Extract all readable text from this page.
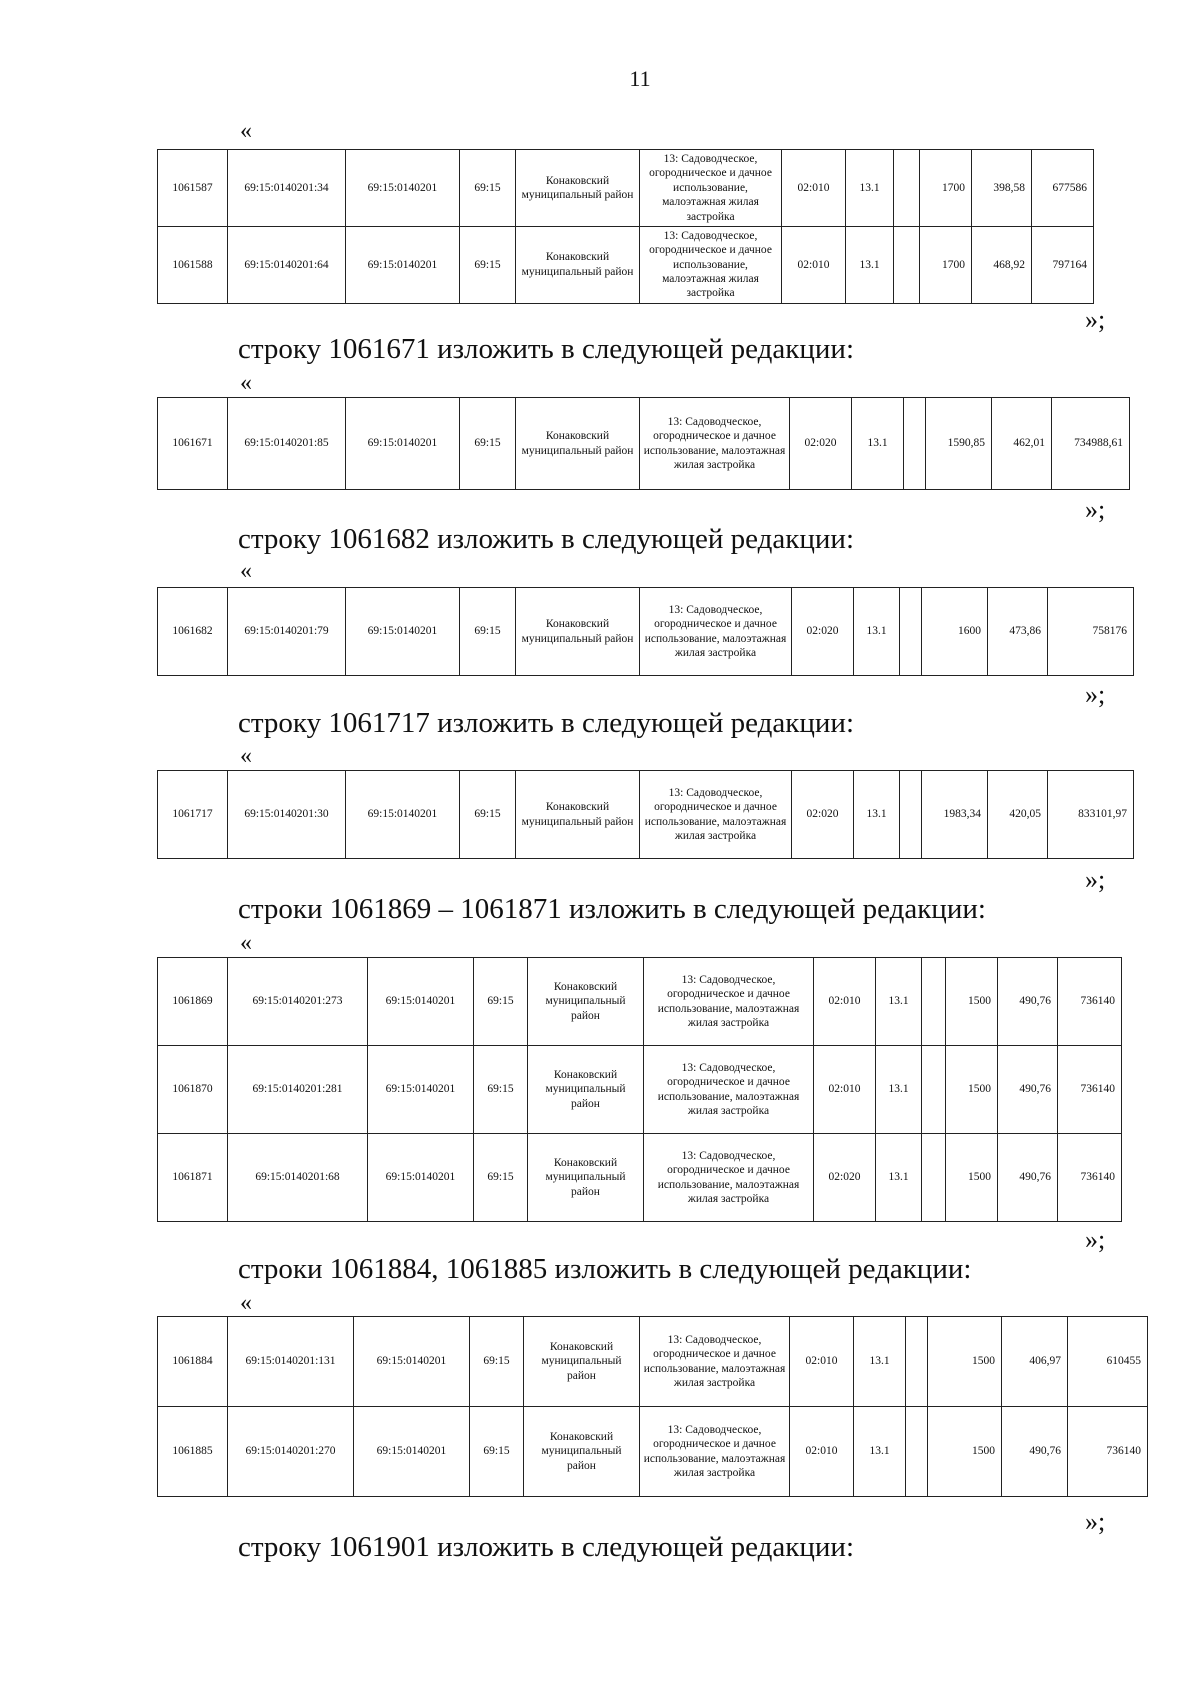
11
«
1061587	69:15:0140201:34	69:15:0140201	69:15	Конаковский муниципальный район	13: Садоводческое, огородническое и дачное использование, малоэтажная жилая застройка	02:010	13.1		1700	398,58	677586
1061588	69:15:0140201:64	69:15:0140201	69:15	Конаковский муниципальный район	13: Садоводческое, огородническое и дачное использование, малоэтажная жилая застройка	02:010	13.1		1700	468,92	797164
»;
строку 1061671 изложить в следующей редакции:
«
1061671	69:15:0140201:85	69:15:0140201	69:15	Конаковский муниципальный район	13: Садоводческое, огородническое и дачное использование, малоэтажная жилая застройка	02:020	13.1		1590,85	462,01	734988,61
»;
строку 1061682 изложить в следующей редакции:
«
1061682	69:15:0140201:79	69:15:0140201	69:15	Конаковский муниципальный район	13: Садоводческое, огородническое и дачное использование, малоэтажная жилая застройка	02:020	13.1		1600	473,86	758176
»;
строку 1061717 изложить в следующей редакции:
«
1061717	69:15:0140201:30	69:15:0140201	69:15	Конаковский муниципальный район	13: Садоводческое, огородническое и дачное использование, малоэтажная жилая застройка	02:020	13.1		1983,34	420,05	833101,97
»;
строки 1061869 – 1061871 изложить в следующей редакции:
«
1061869	69:15:0140201:273	69:15:0140201	69:15	Конаковский муниципальный район	13: Садоводческое, огородническое и дачное использование, малоэтажная жилая застройка	02:010	13.1		1500	490,76	736140
1061870	69:15:0140201:281	69:15:0140201	69:15	Конаковский муниципальный район	13: Садоводческое, огородническое и дачное использование, малоэтажная жилая застройка	02:010	13.1		1500	490,76	736140
1061871	69:15:0140201:68	69:15:0140201	69:15	Конаковский муниципальный район	13: Садоводческое, огородническое и дачное использование, малоэтажная жилая застройка	02:020	13.1		1500	490,76	736140
»;
строки 1061884, 1061885 изложить в следующей редакции:
«
1061884	69:15:0140201:131	69:15:0140201	69:15	Конаковский муниципальный район	13: Садоводческое, огородническое и дачное использование, малоэтажная жилая застройка	02:010	13.1		1500	406,97	610455
1061885	69:15:0140201:270	69:15:0140201	69:15	Конаковский муниципальный район	13: Садоводческое, огородническое и дачное использование, малоэтажная жилая застройка	02:010	13.1		1500	490,76	736140
»;
строку 1061901 изложить в следующей редакции:
